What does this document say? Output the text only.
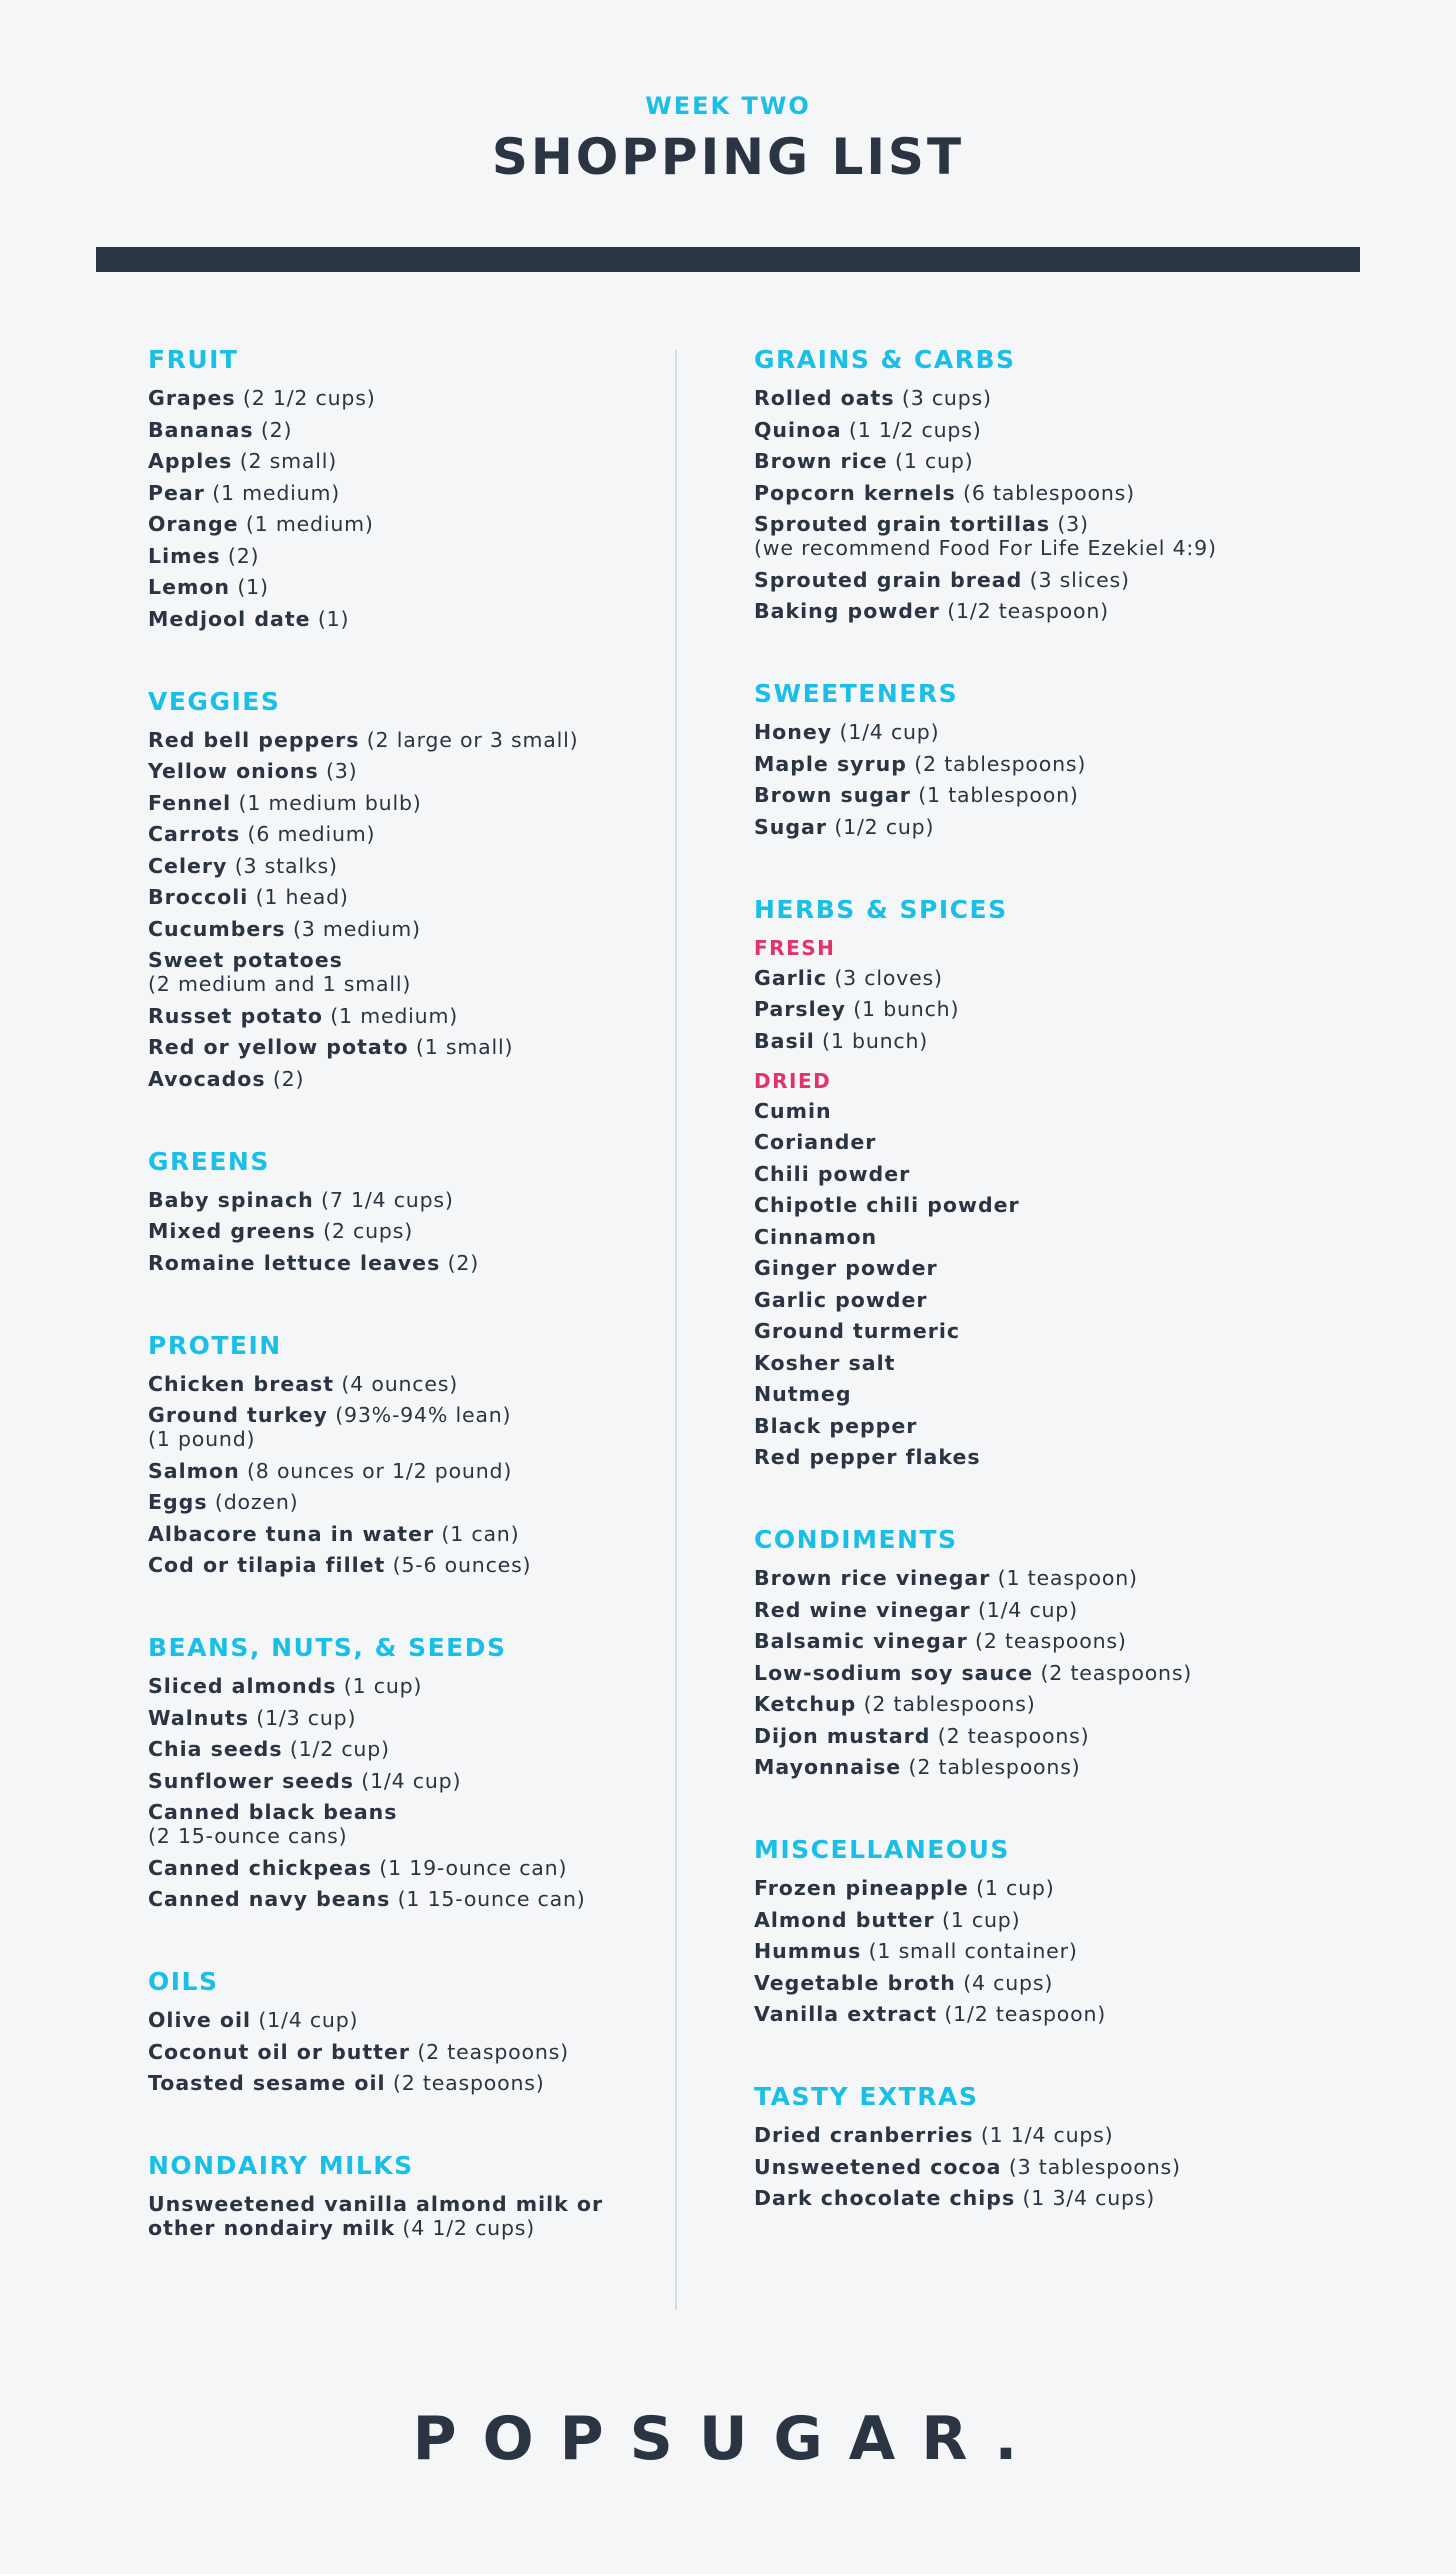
WEEK TWO
SHOPPING LIST
FRUIT
Grapes (2 1/2 cups)
Bananas (2)
Apples (2 small)
Pear (1 medium)
Orange (1 medium)
Limes (2)
Lemon (1)
Medjool date (1)
VEGGIES
Red bell peppers (2 large or 3 small)
Yellow onions (3)
Fennel (1 medium bulb)
Carrots (6 medium)
Celery (3 stalks)
Broccoli (1 head)
Cucumbers (3 medium)
Sweet potatoes
(2 medium and 1 small)
Russet potato (1 medium)
Red or yellow potato (1 small)
Avocados (2)
GREENS
Baby spinach (7 1/4 cups)
Mixed greens (2 cups)
Romaine lettuce leaves (2)
PROTEIN
Chicken breast (4 ounces)
Ground turkey (93%-94% lean)
(1 pound)
Salmon (8 ounces or 1/2 pound)
Eggs (dozen)
Albacore tuna in water (1 can)
Cod or tilapia fillet (5-6 ounces)
BEANS, NUTS, & SEEDS
Sliced almonds (1 cup)
Walnuts (1/3 cup)
Chia seeds (1/2 cup)
Sunflower seeds (1/4 cup)
Canned black beans
(2 15-ounce cans)
Canned chickpeas (1 19-ounce can)
Canned navy beans (1 15-ounce can)
OILS
Olive oil (1/4 cup)
Coconut oil or butter (2 teaspoons)
Toasted sesame oil (2 teaspoons)
NONDAIRY MILKS
Unsweetened vanilla almond milk or other nondairy milk (4 1/2 cups)
GRAINS & CARBS
Rolled oats (3 cups)
Quinoa (1 1/2 cups)
Brown rice (1 cup)
Popcorn kernels (6 tablespoons)
Sprouted grain tortillas (3)
(we recommend Food For Life Ezekiel 4:9)
Sprouted grain bread (3 slices)
Baking powder (1/2 teaspoon)
SWEETENERS
Honey (1/4 cup)
Maple syrup (2 tablespoons)
Brown sugar (1 tablespoon)
Sugar (1/2 cup)
HERBS & SPICES
FRESH
Garlic (3 cloves)
Parsley (1 bunch)
Basil (1 bunch)
DRIED
Cumin
Coriander
Chili powder
Chipotle chili powder
Cinnamon
Ginger powder
Garlic powder
Ground turmeric
Kosher salt
Nutmeg
Black pepper
Red pepper flakes
CONDIMENTS
Brown rice vinegar (1 teaspoon)
Red wine vinegar (1/4 cup)
Balsamic vinegar (2 teaspoons)
Low-sodium soy sauce (2 teaspoons)
Ketchup (2 tablespoons)
Dijon mustard (2 teaspoons)
Mayonnaise (2 tablespoons)
MISCELLANEOUS
Frozen pineapple (1 cup)
Almond butter (1 cup)
Hummus (1 small container)
Vegetable broth (4 cups)
Vanilla extract (1/2 teaspoon)
TASTY EXTRAS
Dried cranberries (1 1/4 cups)
Unsweetened cocoa (3 tablespoons)
Dark chocolate chips (1 3/4 cups)
POPSUGAR.
